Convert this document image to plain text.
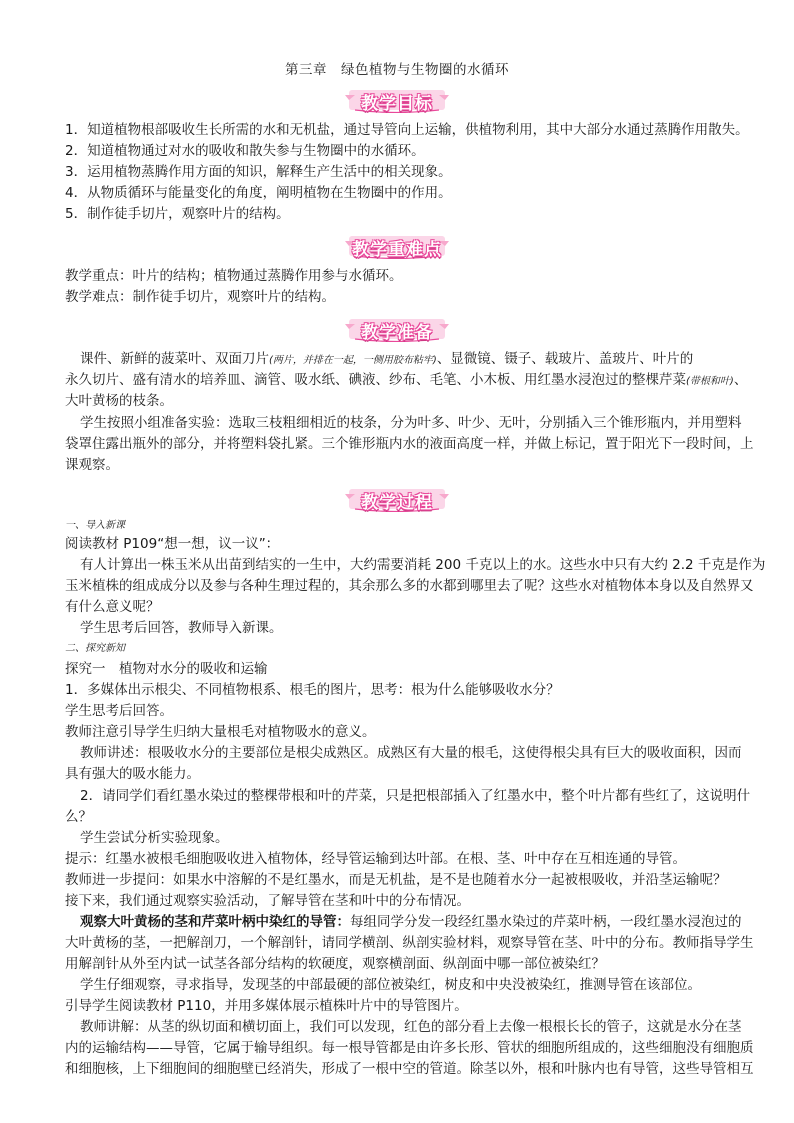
第三章　绿色植物与生物圈的水循环
教学目标
1．知道植物根部吸收生长所需的水和无机盐，通过导管向上运输，供植物利用，其中大部分水通过蒸腾作用散失。
2．知道植物通过对水的吸收和散失参与生物圈中的水循环。
3．运用植物蒸腾作用方面的知识，解释生产生活中的相关现象。
4．从物质循环与能量变化的角度，阐明植物在生物圈中的作用。
5．制作徒手切片，观察叶片的结构。
教学重难点
教学重点：叶片的结构；植物通过蒸腾作用参与水循环。
教学难点：制作徒手切片，观察叶片的结构。
教学准备
课件、新鲜的菠菜叶、双面刀片(两片，并排在一起，一侧用胶布粘牢)、显微镜、镊子、载玻片、盖玻片、叶片的
永久切片、盛有清水的培养皿、滴管、吸水纸、碘液、纱布、毛笔、小木板、用红墨水浸泡过的整棵芹菜(带根和叶)、
大叶黄杨的枝条。
学生按照小组准备实验：选取三枝粗细相近的枝条，分为叶多、叶少、无叶，分别插入三个锥形瓶内，并用塑料
袋罩住露出瓶外的部分，并将塑料袋扎紧。三个锥形瓶内水的液面高度一样，并做上标记，置于阳光下一段时间，上
课观察。
教学过程
一、导入新课
阅读教材 P109“想一想，议一议”：
有人计算出一株玉米从出苗到结实的一生中，大约需要消耗 200 千克以上的水。这些水中只有大约 2.2 千克是作为
玉米植株的组成成分以及参与各种生理过程的，其余那么多的水都到哪里去了呢？这些水对植物体本身以及自然界又
有什么意义呢？
学生思考后回答，教师导入新课。
二、探究新知
探究一　植物对水分的吸收和运输
1．多媒体出示根尖、不同植物根系、根毛的图片，思考：根为什么能够吸收水分？
学生思考后回答。
教师注意引导学生归纳大量根毛对植物吸水的意义。
教师讲述：根吸收水分的主要部位是根尖成熟区。成熟区有大量的根毛，这使得根尖具有巨大的吸收面积，因而
具有强大的吸水能力。
2．请同学们看红墨水染过的整棵带根和叶的芹菜，只是把根部插入了红墨水中，整个叶片都有些红了，这说明什
么？
学生尝试分析实验现象。
提示：红墨水被根毛细胞吸收进入植物体，经导管运输到达叶部。在根、茎、叶中存在互相连通的导管。
教师进一步提问：如果水中溶解的不是红墨水，而是无机盐，是不是也随着水分一起被根吸收，并沿茎运输呢？
接下来，我们通过观察实验活动，了解导管在茎和叶中的分布情况。
观察大叶黄杨的茎和芹菜叶柄中染红的导管：每组同学分发一段经红墨水染过的芹菜叶柄，一段红墨水浸泡过的
大叶黄杨的茎，一把解剖刀，一个解剖针，请同学横剖、纵剖实验材料，观察导管在茎、叶中的分布。教师指导学生
用解剖针从外至内试一试茎各部分结构的软硬度，观察横剖面、纵剖面中哪一部位被染红？
学生仔细观察，寻求指导，发现茎的中部最硬的部位被染红，树皮和中央没被染红，推测导管在该部位。
引导学生阅读教材 P110，并用多媒体展示植株叶片中的导管图片。
教师讲解：从茎的纵切面和横切面上，我们可以发现，红色的部分看上去像一根根长长的管子，这就是水分在茎
内的运输结构——导管，它属于输导组织。每一根导管都是由许多长形、管状的细胞所组成的，这些细胞没有细胞质
和细胞核，上下细胞间的细胞壁已经消失，形成了一根中空的管道。除茎以外，根和叶脉内也有导管，这些导管相互
